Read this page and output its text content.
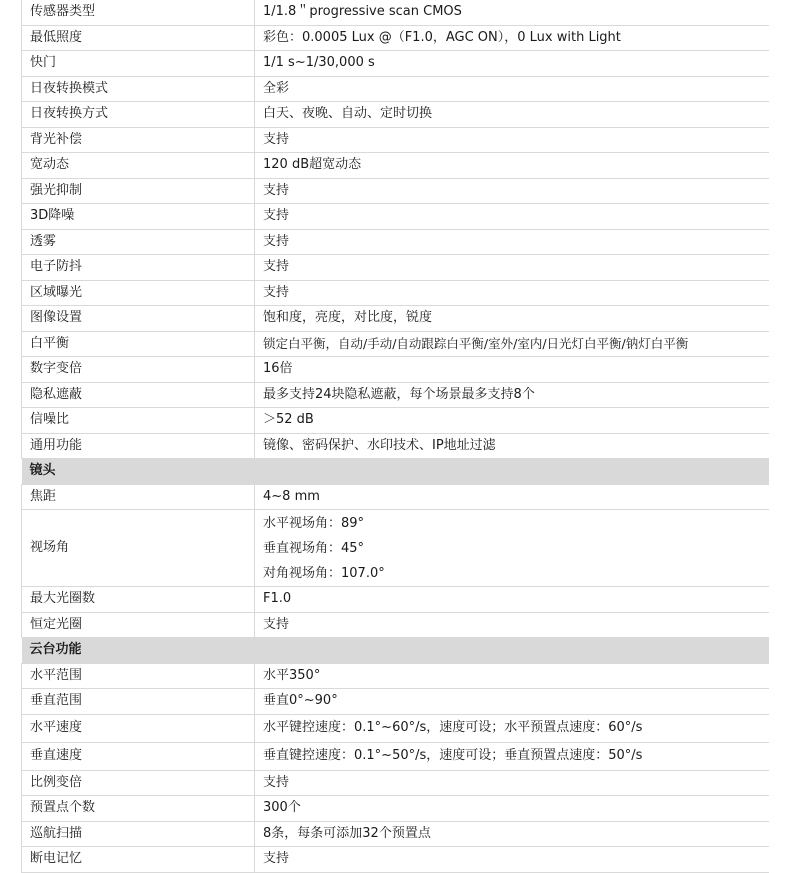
传感器类型	1/1.8＂progressive scan CMOS
最低照度	彩色：0.0005 Lux @（F1.0，AGC ON），0 Lux with Light
快门	1/1 s~1/30,000 s
日夜转换模式	全彩
日夜转换方式	白天、夜晚、自动、定时切换
背光补偿	支持
宽动态	120 dB超宽动态
强光抑制	支持
3D降噪	支持
透雾	支持
电子防抖	支持
区域曝光	支持
图像设置	饱和度，亮度，对比度，锐度
白平衡	锁定白平衡，自动/手动/自动跟踪白平衡/室外/室内/日光灯白平衡/钠灯白平衡
数字变倍	16倍
隐私遮蔽	最多支持24块隐私遮蔽，每个场景最多支持8个
信噪比	＞52 dB
通用功能	镜像、密码保护、水印技术、IP地址过滤
镜头	
焦距	4~8 mm
视场角	水平视场角：89°
垂直视场角：45°
对角视场角：107.0°

最大光圈数	F1.0
恒定光圈	支持
云台功能	
水平范围	水平350°
垂直范围	垂直0°~90°
水平速度	水平键控速度：0.1°~60°/s，速度可设；水平预置点速度：60°/s
垂直速度	垂直键控速度：0.1°~50°/s，速度可设；垂直预置点速度：50°/s
比例变倍	支持
预置点个数	300个
巡航扫描	8条，每条可添加32个预置点
断电记忆	支持
